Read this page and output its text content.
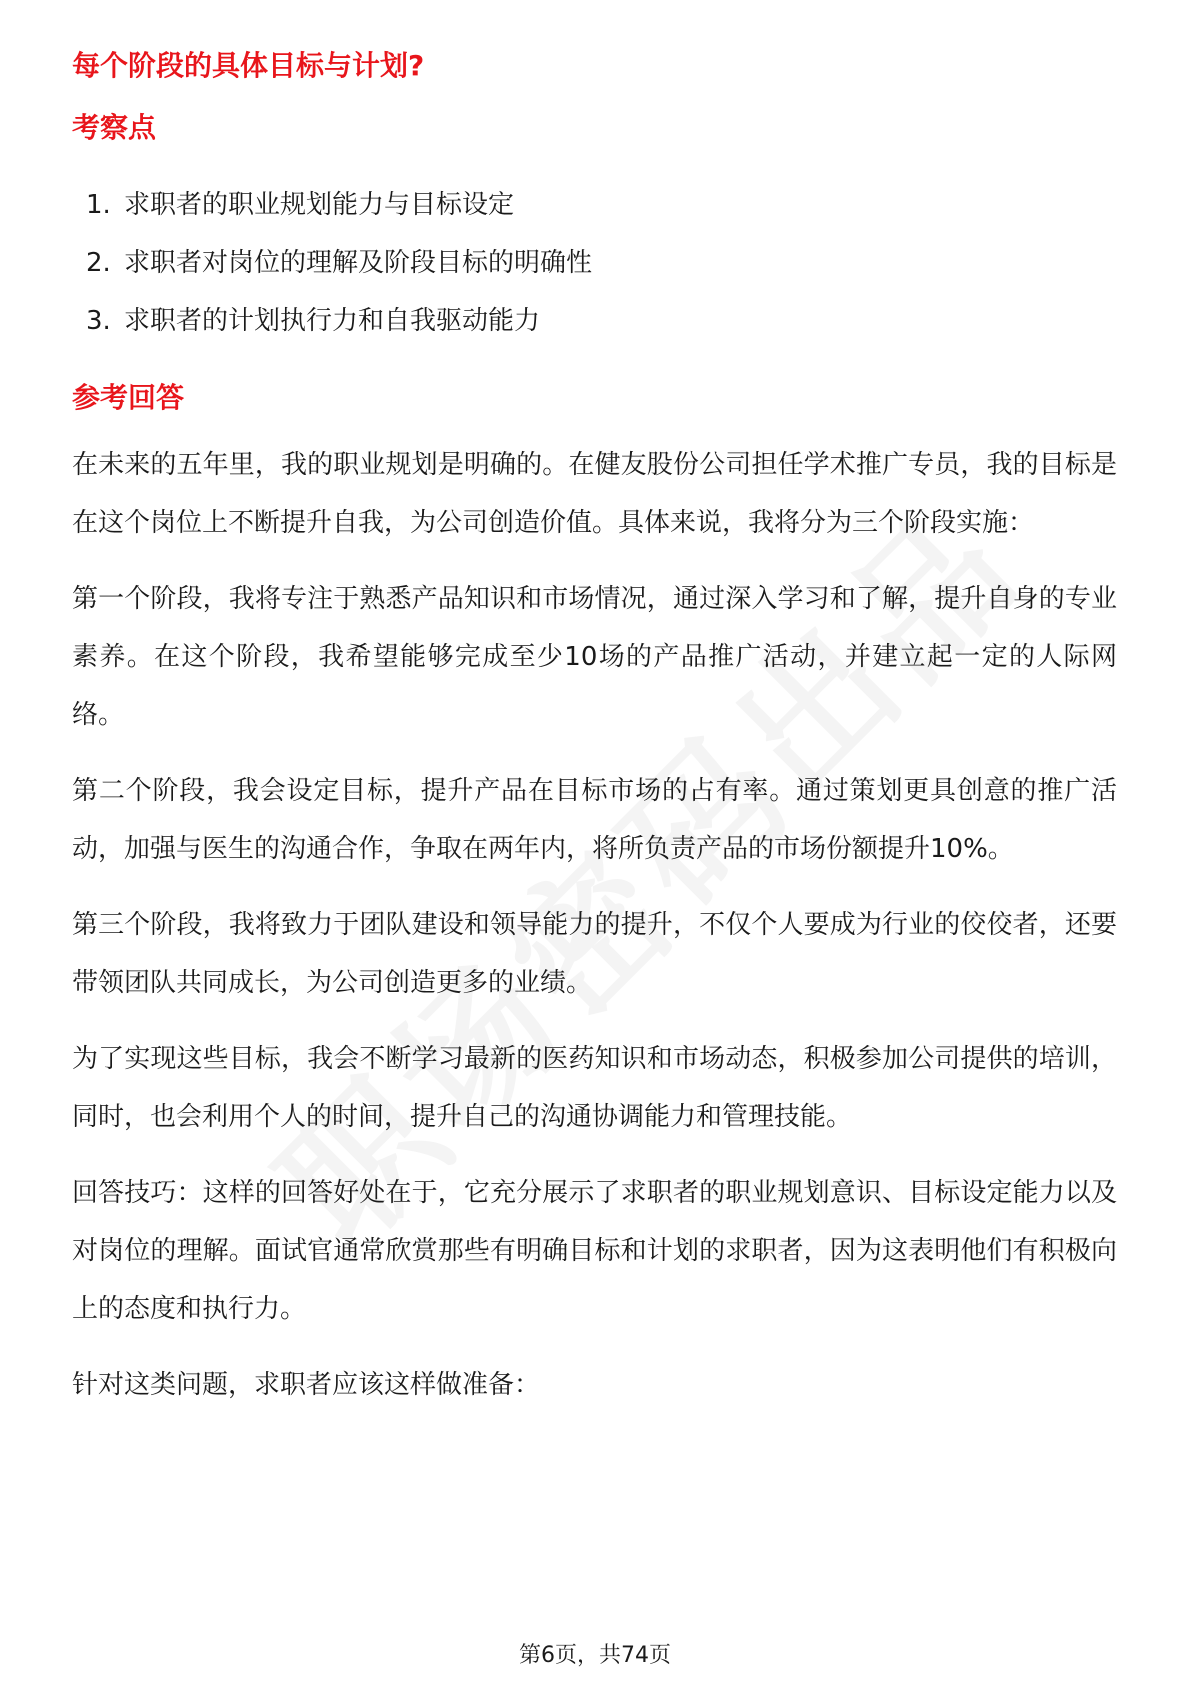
每个阶段的具体目标与计划?
考察点
1. 求职者的职业规划能力与目标设定
2. 求职者对岗位的理解及阶段目标的明确性
3. 求职者的计划执行力和自我驱动能力
参考回答

在未来的五年里，我的职业规划是明确的。在健友股份公司担任学术推广专员，我的目标是在这个岗位上不断提升自我，为公司创造价值。具体来说，我将分为三个阶段实施：

第一个阶段，我将专注于熟悉产品知识和市场情况，通过深入学习和了解，提升自身的专业素养。在这个阶段，我希望能够完成至少10场的产品推广活动，并建立起一定的人际网络。

第二个阶段，我会设定目标，提升产品在目标市场的占有率。通过策划更具创意的推广活动，加强与医生的沟通合作，争取在两年内，将所负责产品的市场份额提升10%。

第三个阶段，我将致力于团队建设和领导能力的提升，不仅个人要成为行业的佼佼者，还要带领团队共同成长，为公司创造更多的业绩。

为了实现这些目标，我会不断学习最新的医药知识和市场动态，积极参加公司提供的培训，同时，也会利用个人的时间，提升自己的沟通协调能力和管理技能。

回答技巧：这样的回答好处在于，它充分展示了求职者的职业规划意识、目标设定能力以及对岗位的理解。面试官通常欣赏那些有明确目标和计划的求职者，因为这表明他们有积极向上的态度和执行力。

针对这类问题，求职者应该这样做准备：

第6页，共74页
